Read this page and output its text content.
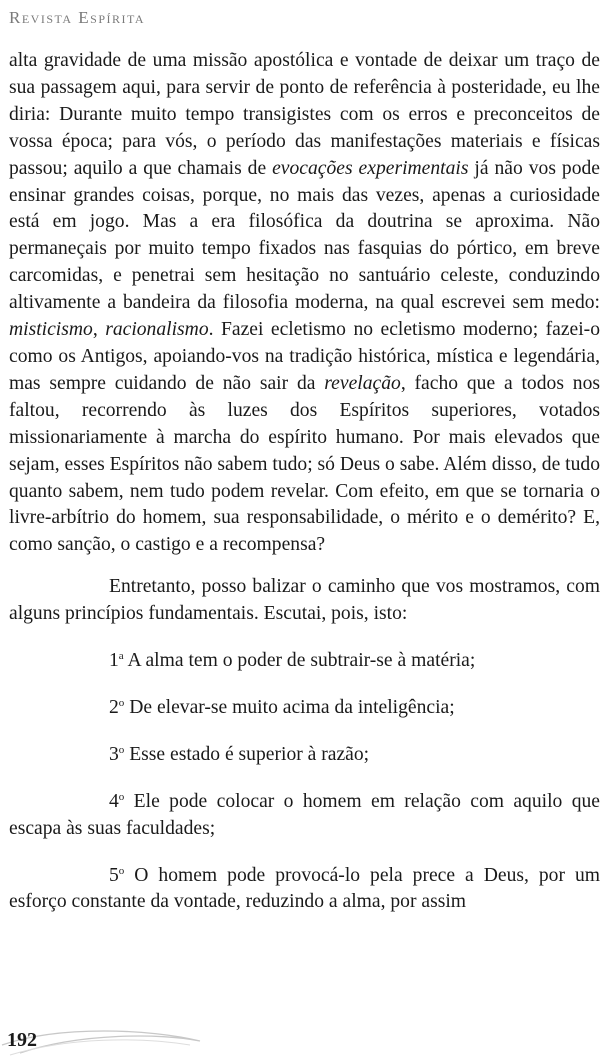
Revista Espírita

alta gravidade de uma missão apostólica e vontade de deixar um traço de sua passagem aqui, para servir de ponto de referência à posteridade, eu lhe diria: Durante muito tempo transigistes com os erros e preconceitos de vossa época; para vós, o período das manifestações materiais e físicas passou; aquilo a que chamais de evocações experimentais já não vos pode ensinar grandes coisas, porque, no mais das vezes, apenas a curiosidade está em jogo. Mas a era filosófica da doutrina se aproxima. Não permaneçais por muito tempo fixados nas fasquias do pórtico, em breve carcomidas, e penetrai sem hesitação no santuário celeste, conduzindo altivamente a bandeira da filosofia moderna, na qual escrevei sem medo: misticismo, racionalismo. Fazei ecletismo no ecletismo moderno; fazei-o como os Antigos, apoiando-vos na tradição histórica, mística e legendária, mas sempre cuidando de não sair da revelação, facho que a todos nos faltou, recorrendo às luzes dos Espíritos superiores, votados missionariamente à marcha do espírito humano. Por mais elevados que sejam, esses Espíritos não sabem tudo; só Deus o sabe. Além disso, de tudo quanto sabem, nem tudo podem revelar. Com efeito, em que se tornaria o livre-arbítrio do homem, sua responsabilidade, o mérito e o demérito? E, como sanção, o castigo e a recompensa?

Entretanto, posso balizar o caminho que vos mostramos, com alguns princípios fundamentais. Escutai, pois, isto:

1$^a$ A alma tem o poder de subtrair-se à matéria;

2$^o$ De elevar-se muito acima da inteligência;

3$^o$ Esse estado é superior à razão;

4$^o$ Ele pode colocar o homem em relação com aquilo que escapa às suas faculdades;

5$^o$ O homem pode provocá-lo pela prece a Deus, por um esforço constante da vontade, reduzindo a alma, por assim

192
